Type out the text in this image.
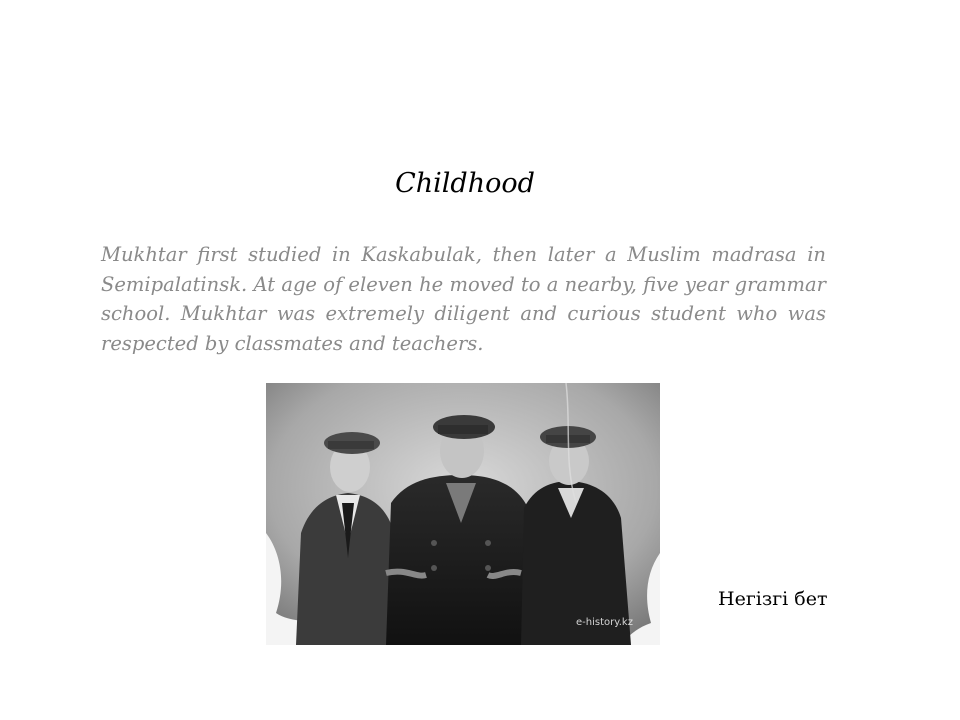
Childhood

Mukhtar first studied in Kaskabulak, then later a Muslim madrasa in Semipalatinsk. At age of eleven he moved to a nearby, five year grammar school. Mukhtar was extremely diligent and curious student who was respected by classmates and teachers.

e-history.kz
Негізгі бет
